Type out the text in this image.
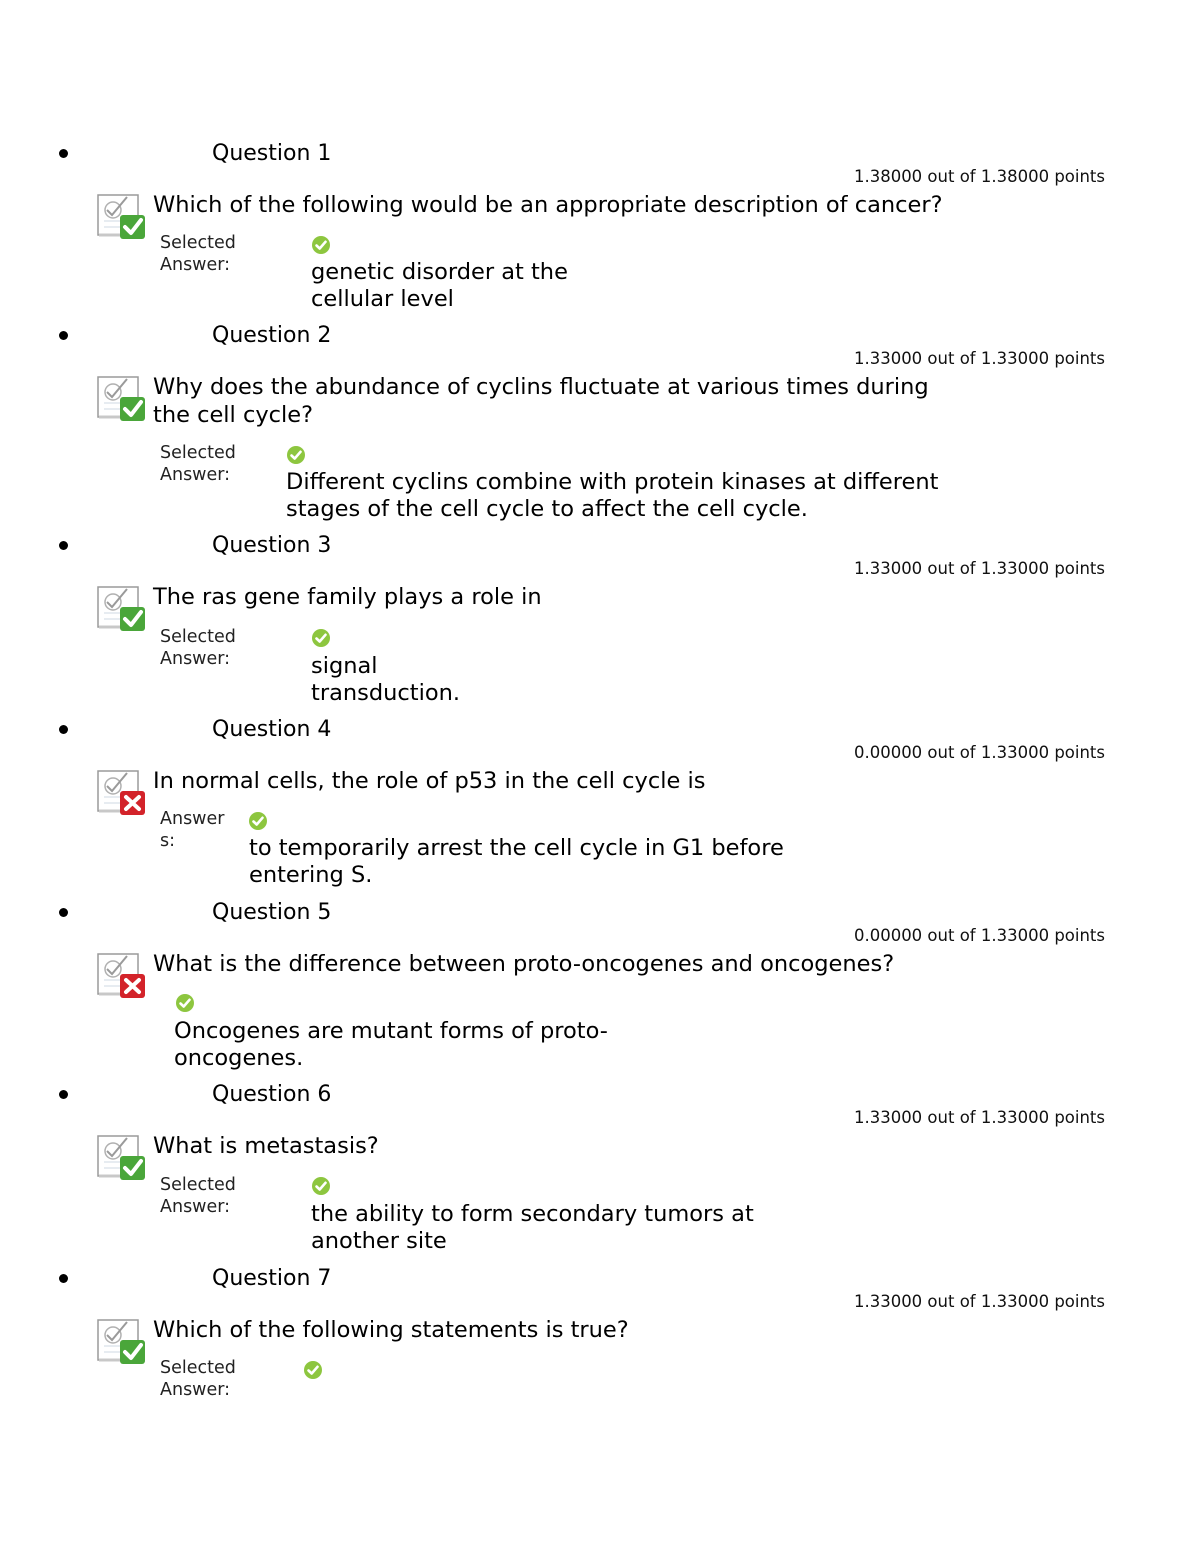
Question 1
1.38000 out of 1.38000 points
Which of the following would be an appropriate description of cancer?
Selected
Answer:	genetic disorder at the
cellular level
Question 2
1.33000 out of 1.33000 points
Why does the abundance of cyclins fluctuate at various times during
the cell cycle?
Selected
Answer: Different cyclins combine with protein kinases at different
stages of the cell cycle to affect the cell cycle.
Question 3
1.33000 out of 1.33000 points
The ras gene family plays a role in
Selected
Answer:	signal
transduction.
Question 4
0.00000 out of 1.33000 points
In normal cells, the role of p53 in the cell cycle is
Answer
s:	to temporarily arrest the cell cycle in G1 before
entering S.
Question 5
0.00000 out of 1.33000 points
What is the difference between proto-oncogenes and oncogenes?
Oncogenes are mutant forms of proto-
oncogenes.
Question 6
1.33000 out of 1.33000 points
What is metastasis?
Selected
Answer:	the ability to form secondary tumors at
another site
Question 7
1.33000 out of 1.33000 points
Which of the following statements is true?
Selected
Answer:
